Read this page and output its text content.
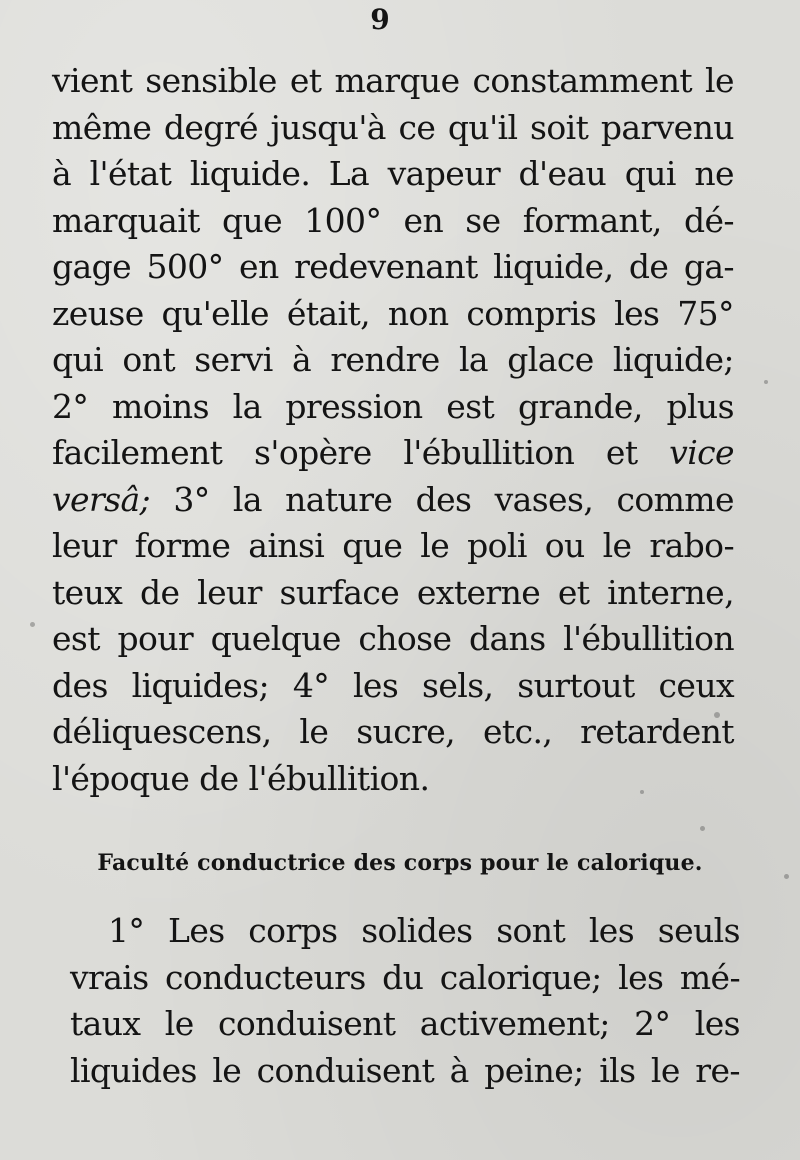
9
vient sensible et marque constamment le
même degré jusqu'à ce qu'il soit parvenu
à l'état liquide. La vapeur d'eau qui ne
marquait que 100° en se formant, dé-
gage 500° en redevenant liquide, de ga-
zeuse qu'elle était, non compris les 75°
qui ont servi à rendre la glace liquide;
2° moins la pression est grande, plus
facilement s'opère l'ébullition et vice
versâ; 3° la nature des vases, comme
leur forme ainsi que le poli ou le rabo-
teux de leur surface externe et interne,
est pour quelque chose dans l'ébullition
des liquides; 4° les sels, surtout ceux
déliquescens, le sucre, etc., retardent
l'époque
de
l'ébullition.
Faculté conductrice des corps pour le calorique.
1° Les corps solides sont les seuls
vrais conducteurs du calorique; les mé-
taux le conduisent activement; 2° les
liquides le conduisent à peine; ils le re-
